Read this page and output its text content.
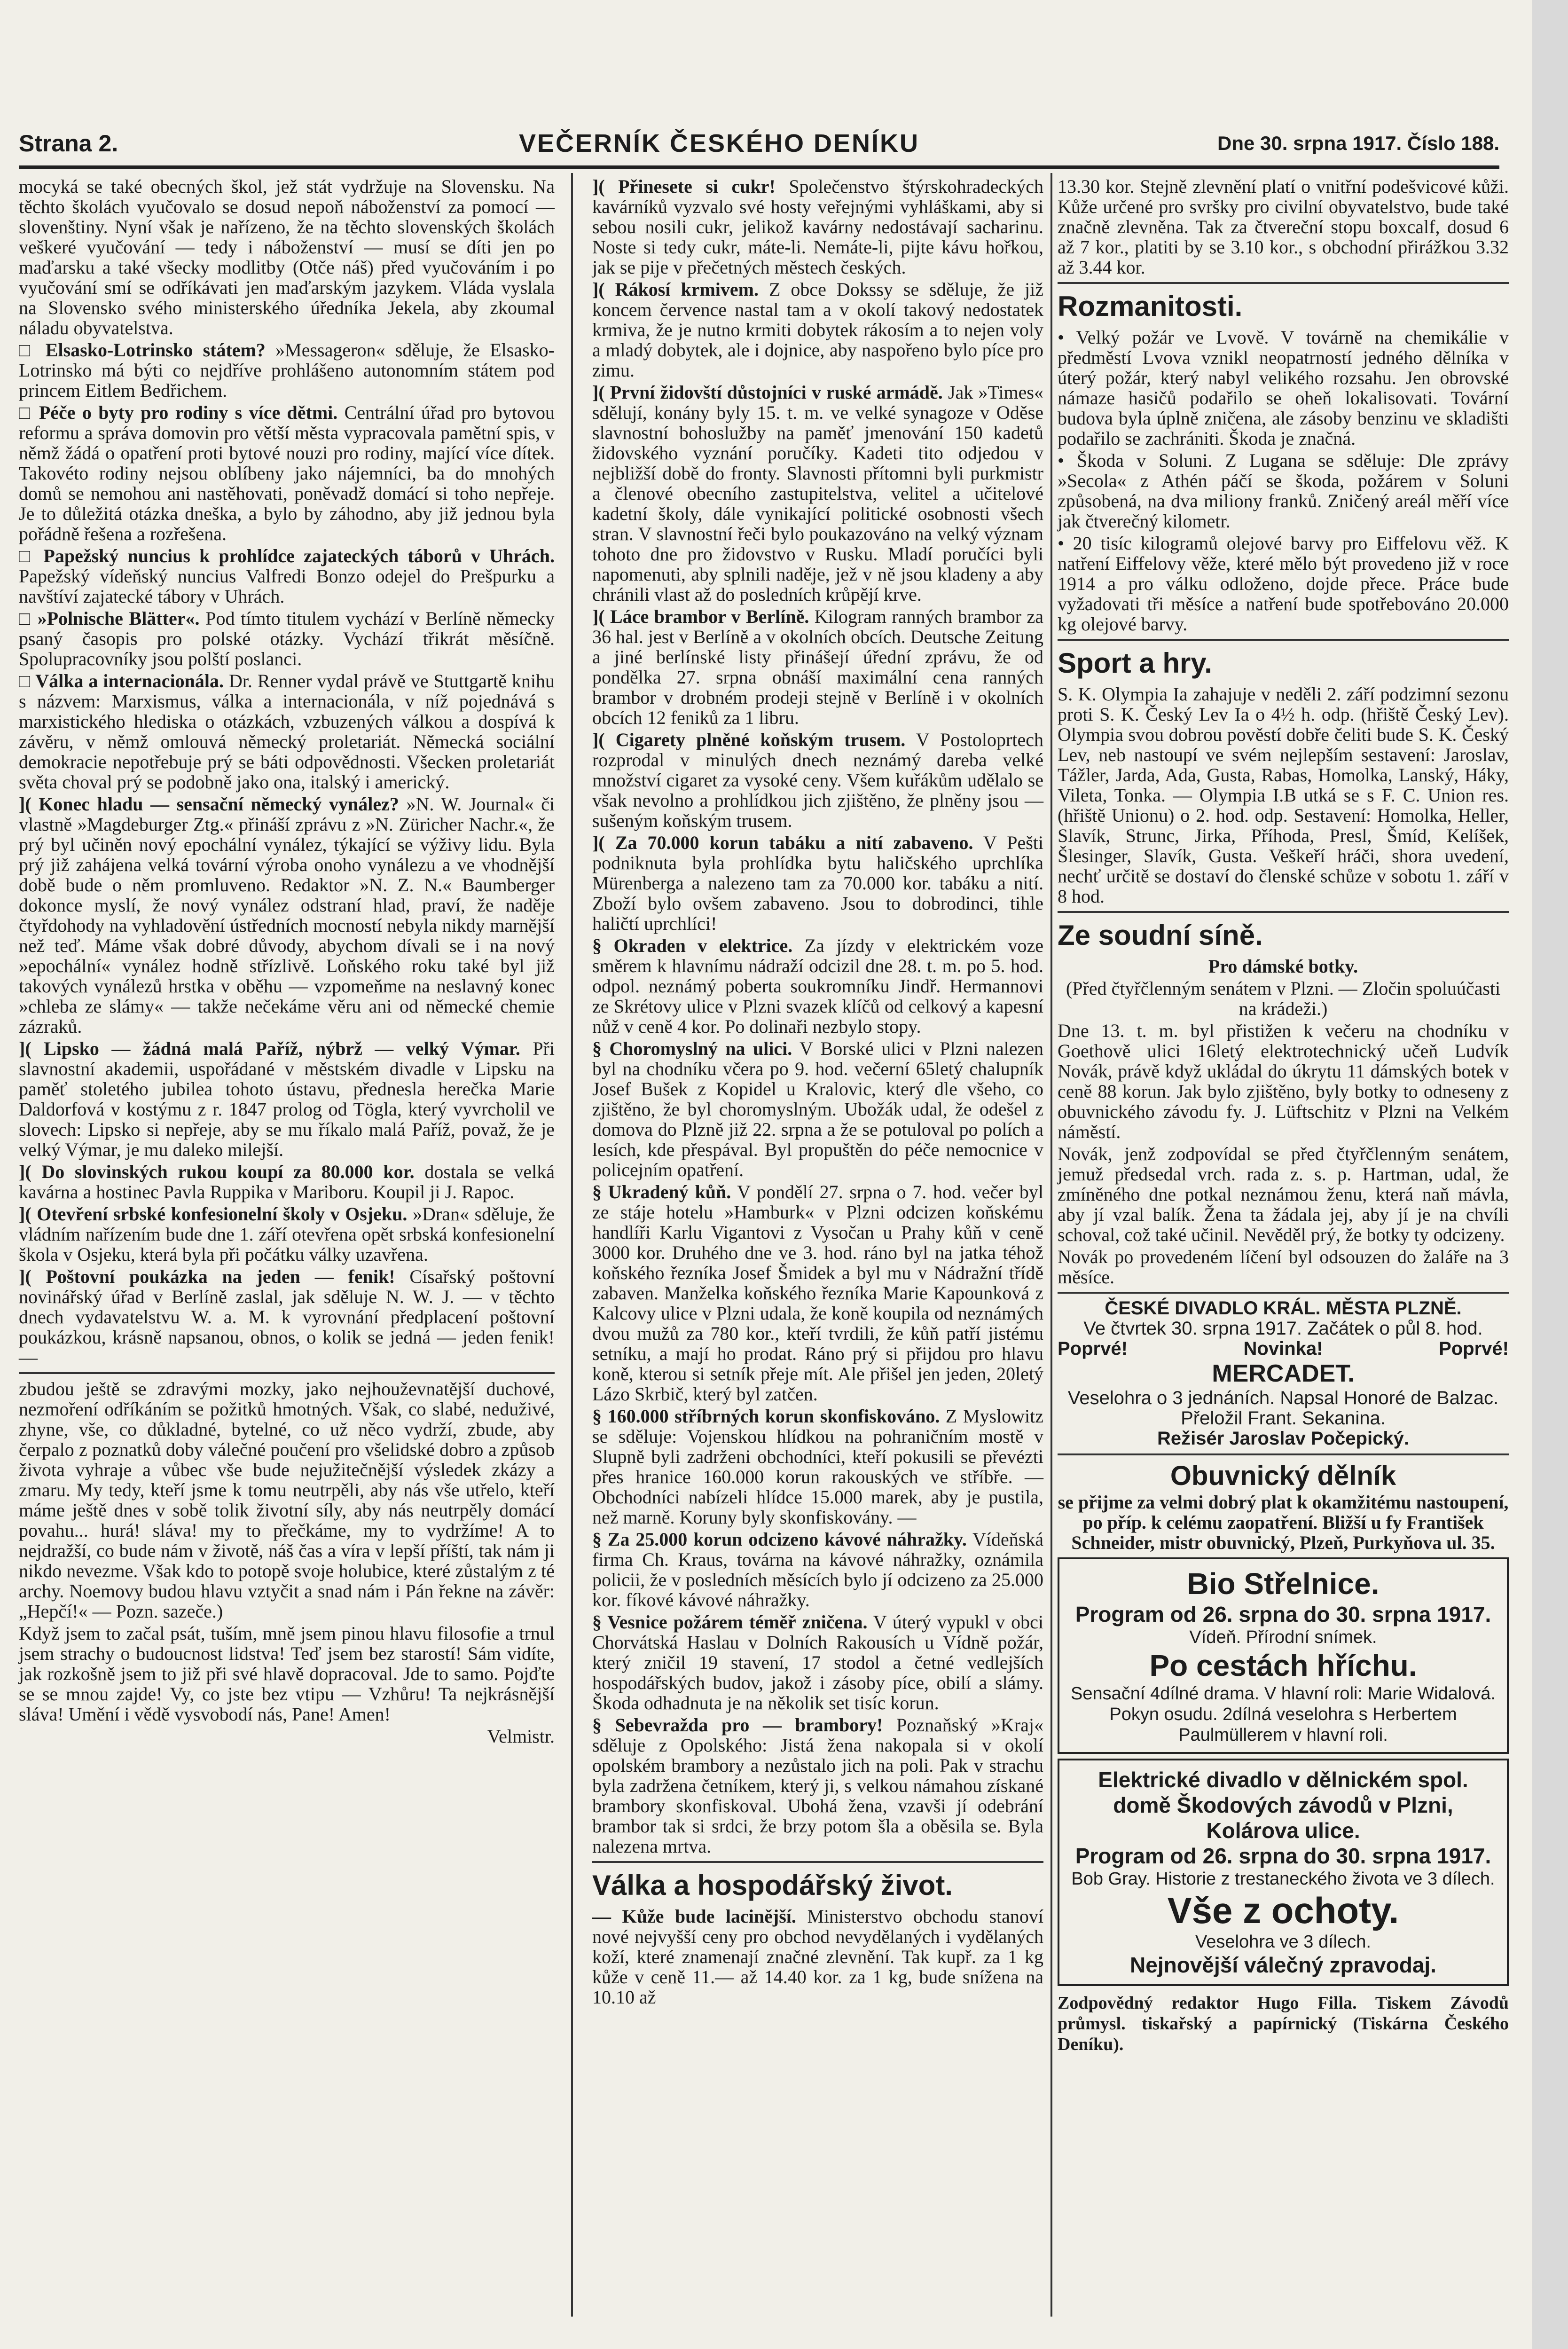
Strana 2.	VEČERNÍK ČESKÉHO DENÍKU	Dne 30. srpna 1917. Číslo 188.

mocyká se také obecných škol, jež stát vydržuje na Slovensku. Na těchto školách vyučovalo se dosud nepoň náboženství za pomocí — slovenštiny. Nyní však je nařízeno, že na těchto slovenských školách veškeré vyučování — tedy i náboženství — musí se díti jen po maďarsku a také všecky modlitby (Otče náš) před vyučováním i po vyučování smí se odříkávati jen maďarským jazykem. Vláda vyslala na Slovensko svého ministerského úředníka Jekela, aby zkoumal náladu obyvatelstva.

□ Elsasko-Lotrinsko státem? »Messageron« sděluje, že Elsasko-Lotrinsko má býti co nejdříve prohlášeno autonomním státem pod princem Eitlem Bedřichem.

□ Péče o byty pro rodiny s více dětmi. Centrální úřad pro bytovou reformu a správa domovin pro větší města vypracovala pamětní spis, v němž žádá o opatření proti bytové nouzi pro rodiny, mající více dítek. Takovéto rodiny nejsou oblíbeny jako nájemníci, ba do mnohých domů se nemohou ani nastěhovati, poněvadž domácí si toho nepřeje. Je to důležitá otázka dneška, a bylo by záhodno, aby již jednou byla pořádně řešena a rozřešena.

□ Papežský nuncius k prohlídce zajateckých táborů v Uhrách. Papežský vídeňský nuncius Valfredi Bonzo odejel do Prešpurku a navštíví zajatecké tábory v Uhrách.

□ »Polnische Blätter«. Pod tímto titulem vychází v Berlíně německy psaný časopis pro polské otázky. Vychází třikrát měsíčně. Spolupracovníky jsou polští poslanci.

□ Válka a internacionála. Dr. Renner vydal právě ve Stuttgartě knihu s názvem: Marxismus, válka a internacionála, v níž pojednává s marxistického hlediska o otázkách, vzbuzených válkou a dospívá k závěru, v němž omlouvá německý proletariát. Německá sociální demokracie nepotřebuje prý se báti odpovědnosti. Všecken proletariát světa choval prý se podobně jako ona, italský i americký.

]( Konec hladu — sensační německý vynález? »N. W. Journal« či vlastně »Magdeburger Ztg.« přináší zprávu z »N. Züricher Nachr.«, že prý byl učiněn nový epochální vynález, týkající se výživy lidu. Byla prý již zahájena velká tovární výroba onoho vynálezu a ve vhodnější době bude o něm promluveno. Redaktor »N. Z. N.« Baumberger dokonce myslí, že nový vynález odstraní hlad, praví, že naděje čtyřdohody na vyhladovění ústředních mocností nebyla nikdy marnější než teď. Máme však dobré důvody, abychom dívali se i na nový »epochální« vynález hodně střízlivě. Loňského roku také byl již takových vynálezů hrstka v oběhu — vzpomeňme na neslavný konec »chleba ze slámy« — takže nečekáme věru ani od německé chemie zázraků.

]( Lipsko — žádná malá Paříž, nýbrž — velký Výmar. Při slavnostní akademii, uspořádané v městském divadle v Lipsku na paměť stoletého jubilea tohoto ústavu, přednesla herečka Marie Daldorfová v kostýmu z r. 1847 prolog od Tögla, který vyvrcholil ve slovech: Lipsko si nepřeje, aby se mu říkalo malá Paříž, považ, že je velký Výmar, je mu daleko milejší.

]( Do slovinských rukou koupí za 80.000 kor. dostala se velká kavárna a hostinec Pavla Ruppika v Mariboru. Koupil ji J. Rapoc.

]( Otevření srbské konfesionelní školy v Osjeku. »Dran« sděluje, že vládním nařízením bude dne 1. září otevřena opět srbská konfesionelní škola v Osjeku, která byla při počátku války uzavřena.

]( Poštovní poukázka na jeden — fenik! Císařský poštovní novinářský úřad v Berlíně zaslal, jak sděluje N. W. J. — v těchto dnech vydavatelstvu W. a. M. k vyrovnání předplacení poštovní poukázkou, krásně napsanou, obnos, o kolik se jedná — jeden fenik! —

zbudou ještě se zdravými mozky, jako nejhouževnatější duchové, nezmoření odříkáním se požitků hmotných. Však, co slabé, neduživé, zhyne, vše, co důkladné, bytelné, co už něco vydrží, zbude, aby čerpalo z poznatků doby válečné poučení pro všelidské dobro a způsob života vyhraje a vůbec vše bude nejužitečnější výsledek zkázy a zmaru. My tedy, kteří jsme k tomu neutrpěli, aby nás vše utřelo, kteří máme ještě dnes v sobě tolik životní síly, aby nás neutrpěly domácí povahu... hurá! sláva! my to přečkáme, my to vydržíme! A to nejdražší, co bude nám v životě, náš čas a víra v lepší příští, tak nám ji nikdo nevezme. Však kdo to potopě svoje holubice, které zůstalým z té archy. Noemovy budou hlavu vztyčit a snad nám i Pán řekne na závěr: „Hepčí!« — Pozn. sazeče.)

Když jsem to začal psát, tuším, mně jsem pinou hlavu filosofie a trnul jsem strachy o budoucnost lidstva! Teď jsem bez starostí! Sám vidíte, jak rozkošně jsem to již při své hlavě dopracoval. Jde to samo. Pojďte se se mnou zajde! Vy, co jste bez vtipu — Vzhůru! Ta nejkrásnější sláva! Umění i vědě vysvobodí nás, Pane! Amen!

Velmistr.

]( Přinesete si cukr! Společenstvo štýrskohradeckých kavárníků vyzvalo své hosty veřejnými vyhláškami, aby si sebou nosili cukr, jelikož kavárny nedostávají sacharinu. Noste si tedy cukr, máte-li. Nemáte-li, pijte kávu hořkou, jak se pije v přečetných městech českých.

]( Rákosí krmivem. Z obce Dokssy se sděluje, že již koncem července nastal tam a v okolí takový nedostatek krmiva, že je nutno krmiti dobytek rákosím a to nejen voly a mladý dobytek, ale i dojnice, aby naspořeno bylo píce pro zimu.

]( První židovští důstojníci v ruské armádě. Jak »Times« sdělují, konány byly 15. t. m. ve velké synagoze v Oděse slavnostní bohoslužby na paměť jmenování 150 kadetů židovského vyznání poručíky. Kadeti tito odjedou v nejbližší době do fronty. Slavnosti přítomni byli purkmistr a členové obecního zastupitelstva, velitel a učitelové kadetní školy, dále vynikající politické osobnosti všech stran. V slavnostní řeči bylo poukazováno na velký význam tohoto dne pro židovstvo v Rusku. Mladí poručíci byli napomenuti, aby splnili naděje, jež v ně jsou kladeny a aby chránili vlast až do posledních krůpějí krve.

]( Láce brambor v Berlíně. Kilogram ranných brambor za 36 hal. jest v Berlíně a v okolních obcích. Deutsche Zeitung a jiné berlínské listy přinášejí úřední zprávu, že od pondělka 27. srpna obnáší maximální cena ranných brambor v drobném prodeji stejně v Berlíně i v okolních obcích 12 feniků za 1 libru.

]( Cigarety plněné koňským trusem. V Postoloprtech rozprodal v minulých dnech neznámý dareba velké množství cigaret za vysoké ceny. Všem kuřákům udělalo se však nevolno a prohlídkou jich zjištěno, že plněny jsou — sušeným koňským trusem.

]( Za 70.000 korun tabáku a nití zabaveno. V Pešti podniknuta byla prohlídka bytu haličského uprchlíka Mürenberga a nalezeno tam za 70.000 kor. tabáku a nití. Zboží bylo ovšem zabaveno. Jsou to dobrodinci, tihle haličtí uprchlíci!

§ Okraden v elektrice. Za jízdy v elektrickém voze směrem k hlavnímu nádraží odcizil dne 28. t. m. po 5. hod. odpol. neznámý pobertа soukromníku Jindř. Hermannovi ze Skrétovy ulice v Plzni svazek klíčů od celkový a kapesní nůž v ceně 4 kor. Po dolinaři nezbylo stopy.

§ Choromyslný na ulici. V Borské ulici v Plzni nalezen byl na chodníku včera po 9. hod. večerní 65letý chalupník Josef Bušek z Kopidel u Kralovic, který dle všeho, co zjištěno, že byl choromyslným. Ubožák udal, že odešel z domova do Plzně již 22. srpna a že se potuloval po polích a lesích, kde přespával. Byl propuštěn do péče nemocnice v policejním opatření.

§ Ukradený kůň. V pondělí 27. srpna o 7. hod. večer byl ze stáje hotelu »Hamburk« v Plzni odcizen koňskému handlíři Karlu Vigantovi z Vysočan u Prahy kůň v ceně 3000 kor. Druhého dne ve 3. hod. ráno byl na jatka téhož koňského řezníka Josef Šmidek a byl mu v Nádražní třídě zabaven. Manželka koňského řezníka Marie Kapounková z Kalcovy ulice v Plzni udala, že koně koupila od neznámých dvou mužů za 780 kor., kteří tvrdili, že kůň patří jistému setníku, a mají ho prodat. Ráno prý si přijdou pro hlavu koně, kterou si setník přeje mít. Ale přišel jen jeden, 20letý Lázo Skrbič, který byl zatčen.

§ 160.000 stříbrných korun skonfiskováno. Z Myslowitz se sděluje: Vojenskou hlídkou na pohraničním mostě v Slupně byli zadrženi obchodníci, kteří pokusili se převézti přes hranice 160.000 korun rakouských ve stříbře. — Obchodníci nabízeli hlídce 15.000 marek, aby je pustila, než marně. Koruny byly skonfiskovány. —

§ Za 25.000 korun odcizeno kávové náhražky. Vídeňská firma Ch. Kraus, továrna na kávové náhražky, oznámila policii, že v posledních měsících bylo jí odcizeno za 25.000 kor. fíkové kávové náhražky.

§ Vesnice požárem téměř zničena. V úterý vypukl v obci Chorvátská Haslau v Dolních Rakousích u Vídně požár, který zničil 19 stavení, 17 stodol a četné vedlejších hospodářských budov, jakož i zásoby píce, obilí a slámy. Škoda odhadnuta je na několik set tisíc korun.

§ Sebevražda pro — brambory! Poznaňský »Kraj« sděluje z Opolského: Jistá žena nakopala si v okolí opolském brambory a nezůstalo jich na poli. Pak v strachu byla zadržena četníkem, který ji, s velkou námahou získané brambory skonfiskoval. Ubohá žena, vzavši jí odebrání brambor tak si srdci, že brzy potom šla a oběsila se. Byla nalezena mrtva.

Válka a hospodářský život.

— Kůže bude lacinější. Ministerstvo obchodu stanoví nové nejvyšší ceny pro obchod nevydělaných i vydělaných koží, které znamenají značné zlevnění. Tak kupř. za 1 kg kůže v ceně 11.— až 14.40 kor. za 1 kg, bude snížena na 10.10 až

13.30 kor. Stejně zlevnění platí o vnitřní podešvicové kůži. Kůže určené pro svršky pro civilní obyvatelstvo, bude také značně zlevněna. Tak za čtvereční stopu boxcalf, dosud 6 až 7 kor., platiti by se 3.10 kor., s obchodní přirážkou 3.32 až 3.44 kor.

Rozmanitosti.

• Velký požár ve Lvově. V továrně na chemikálie v předměstí Lvova vznikl neopatrností jedného dělníka v úterý požár, který nabyl velikého rozsahu. Jen obrovské námaze hasičů podařilo se oheň lokalisovati. Tovární budova byla úplně zničena, ale zásoby benzinu ve skladišti podařilo se zachrániti. Škoda je značná.

• Škoda v Soluni. Z Lugana se sděluje: Dle zprávy »Secola« z Athén páčí se škoda, požárem v Soluni způsobená, na dva miliony franků. Zničený areál měří více jak čtverečný kilometr.

• 20 tisíc kilogramů olejové barvy pro Eiffelovu věž. K natření Eiffelovy věže, které mělo být provedeno již v roce 1914 a pro válku odloženo, dojde přece. Práce bude vyžadovati tři měsíce a natření bude spotřebováno 20.000 kg olejové barvy.

Sport a hry.

S. K. Olympia Ia zahajuje v neděli 2. září podzimní sezonu proti S. K. Český Lev Ia o 4½ h. odp. (hřiště Český Lev). Olympia svou dobrou pověstí dobře čeliti bude S. K. Český Lev, neb nastoupí ve svém nejlepším sestavení: Jaroslav, Tážler, Jarda, Ada, Gusta, Rabas, Homolka, Lanský, Háky, Vileta, Tonka. — Olympia I.B utká se s F. C. Union res. (hřiště Unionu) o 2. hod. odp. Sestavení: Homolka, Heller, Slavík, Strunc, Jirka, Příhoda, Presl, Šmíd, Kelíšek, Šlesinger, Slavík, Gusta. Veškeří hráči, shora uvedení, nechť určitě se dostaví do členské schůze v sobotu 1. září v 8 hod.

Ze soudní síně.

Pro dámské botky.

(Před čtyřčlenným senátem v Plzni. — Zločin spoluúčasti na krádeži.)

Dne 13. t. m. byl přistižen k večeru na chodníku v Goethově ulici 16letý elektrotechnický učeň Ludvík Novák, právě když ukládal do úkrytu 11 dámských botek v ceně 88 korun. Jak bylo zjištěno, byly botky to odneseny z obuvnického závodu fy. J. Lüftschitz v Plzni na Velkém náměstí.

Novák, jenž zodpovídal se před čtyřčlenným senátem, jemuž předsedal vrch. rada z. s. p. Hartman, udal, že zmíněného dne potkal neznámou ženu, která naň mávla, aby jí vzal balík. Žena ta žádala jej, aby jí je na chvíli schoval, což také učinil. Nevěděl prý, že botky ty odcizeny.

Novák po provedeném líčení byl odsouzen do žaláře na 3 měsíce.

ČESKÉ DIVADLO KRÁL. MĚSTA PLZNĚ.
Ve čtvrtek 30. srpna 1917. Začátek o půl 8. hod.
Poprvé!	Novinka!	Poprvé!
MERCADET.
Veselohra o 3 jednáních. Napsal Honoré de Balzac. Přeložil Frant. Sekanina.
Režisér Jaroslav Počepický.
Obuvnický dělník
se přijme za velmi dobrý plat k okamžitému nastoupení, po příp. k celému zaopatření. Bližší u fy František Schneider, mistr obuvnický, Plzeň, Purkyňova ul. 35.
Bio Střelnice.
Program od 26. srpna do 30. srpna 1917.
Vídeň. Přírodní snímek.
Po cestách hříchu.
Sensační 4dílné drama. V hlavní roli: Marie Widalová.
Pokyn osudu. 2dílná veselohra s Herbertem Paulmüllerem v hlavní roli.
Elektrické divadlo v dělnickém spol. domě Škodových závodů v Plzni, Kolárova ulice.
Program od 26. srpna do 30. srpna 1917.
Bob Gray. Historie z trestaneckého života ve 3 dílech.
Vše z ochoty.
Veselohra ve 3 dílech.
Nejnovější válečný zpravodaj.
Zodpovědný redaktor Hugo Filla. Tiskem Závodů průmysl. tiskařský a papírnický (Tiskárna Českého Deníku).
